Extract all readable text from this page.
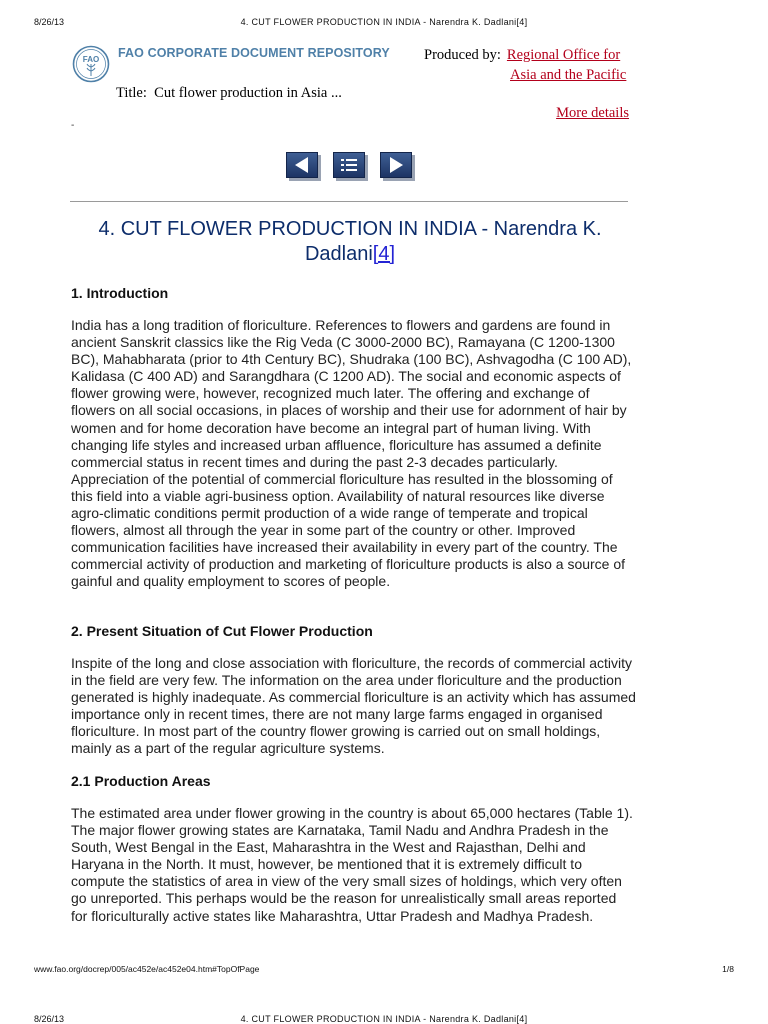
8/26/13	4. CUT FLOWER PRODUCTION IN INDIA - Narendra K. Dadlani[4]
FAO FAO CORPORATE DOCUMENT REPOSITORY Produced by: Regional Office for
Asia and the Pacific
Title: Cut flower production in Asia ...
More details
-
4. CUT FLOWER PRODUCTION IN INDIA - Narendra K. Dadlani[4]
1. Introduction

India has a long tradition of floriculture. References to flowers and gardens are found in ancient Sanskrit classics like the Rig Veda (C 3000-2000 BC), Ramayana (C 1200-1300 BC), Mahabharata (prior to 4th Century BC), Shudraka (100 BC), Ashvagodha (C 100 AD), Kalidasa (C 400 AD) and Sarangdhara (C 1200 AD). The social and economic aspects of flower growing were, however, recognized much later. The offering and exchange of flowers on all social occasions, in places of worship and their use for adornment of hair by women and for home decoration have become an integral part of human living. With changing life styles and increased urban affluence, floriculture has assumed a definite commercial status in recent times and during the past 2-3 decades particularly. Appreciation of the potential of commercial floriculture has resulted in the blossoming of this field into a viable agri-business option. Availability of natural resources like diverse agro-climatic conditions permit production of a wide range of temperate and tropical flowers, almost all through the year in some part of the country or other. Improved communication facilities have increased their availability in every part of the country. The commercial activity of production and marketing of floriculture products is also a source of gainful and quality employment to scores of people.

2. Present Situation of Cut Flower Production

Inspite of the long and close association with floriculture, the records of commercial activity in the field are very few. The information on the area under floriculture and the production generated is highly inadequate. As commercial floriculture is an activity which has assumed importance only in recent times, there are not many large farms engaged in organised floriculture. In most part of the country flower growing is carried out on small holdings, mainly as a part of the regular agriculture systems.

2.1 Production Areas

The estimated area under flower growing in the country is about 65,000 hectares (Table 1). The major flower growing states are Karnataka, Tamil Nadu and Andhra Pradesh in the South, West Bengal in the East, Maharashtra in the West and Rajasthan, Delhi and Haryana in the North. It must, however, be mentioned that it is extremely difficult to compute the statistics of area in view of the very small sizes of holdings, which very often go unreported. This perhaps would be the reason for unrealistically small areas reported for floriculturally active states like Maharashtra, Uttar Pradesh and Madhya Pradesh.

www.fao.org/docrep/005/ac452e/ac452e04.htm#TopOfPage	1/8
8/26/13	4. CUT FLOWER PRODUCTION IN INDIA - Narendra K. Dadlani[4]
